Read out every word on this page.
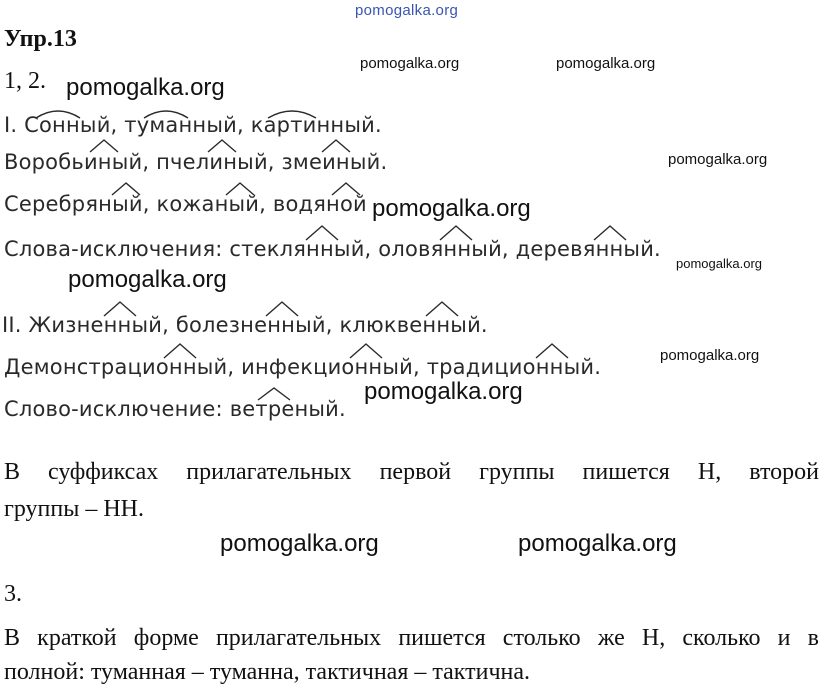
pomogalka.org
Упр.13
pomogalka.org	pomogalka.org
1, 2. pomogalka.org
I. Сонный, туманный, картинный.
Воробьиный, пчелиный, змеиный.	pomogalka.org
Серебряный, кожаный, водяной pomogalka.org
Слова-исключения: стеклянный, оловянный, деревянный.
pomogalka.org
pomogalka.org
II. Жизненный, болезненный, клюквенный.
pomogalka.org
Демонстрационный, инфекционный, традиционный.
pomogalka.org
Слово-исключение: ветреный.
В суффиксах прилагательных первой группы пишется Н, второй
группы – НН.
pomogalka.org	pomogalka.org
3.
В краткой форме прилагательных пишется столько же Н, сколько и в
полной: туманная – туманна, тактичная – тактична.
